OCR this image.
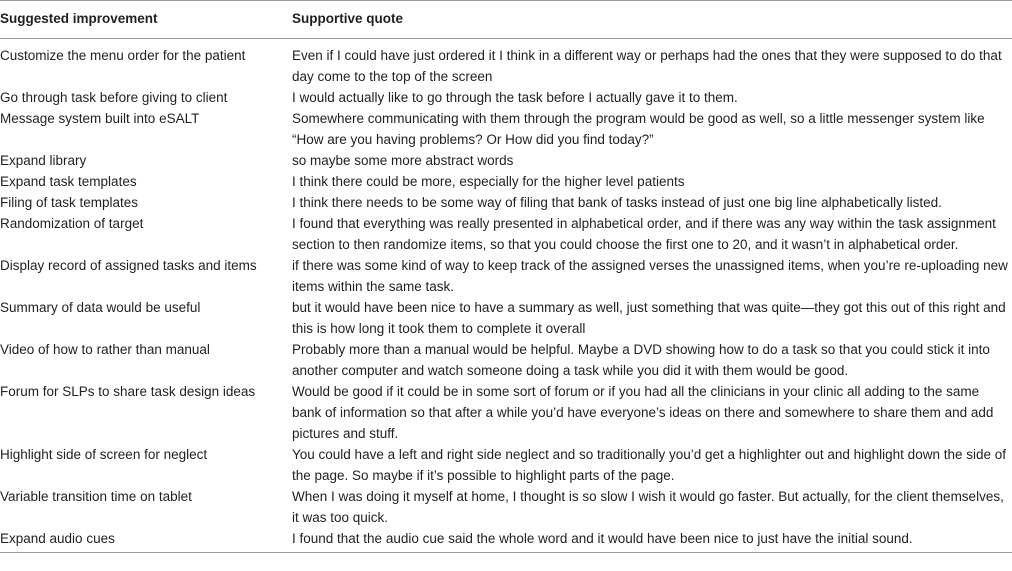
Suggested improvement	Supportive quote
Customize the menu order for the patient	Even if I could have just ordered it I think in a different way or perhaps had the ones that they were supposed to do that day come to the top of the screen
Go through task before giving to client	I would actually like to go through the task before I actually gave it to them.
Message system built into eSALT	Somewhere communicating with them through the program would be good as well, so a little messenger system like “How are you having problems? Or How did you find today?”
Expand library	so maybe some more abstract words
Expand task templates	I think there could be more, especially for the higher level patients
Filing of task templates	I think there needs to be some way of filing that bank of tasks instead of just one big line alphabetically listed.
Randomization of target	I found that everything was really presented in alphabetical order, and if there was any way within the task assignment section to then randomize items, so that you could choose the first one to 20, and it wasn’t in alphabetical order.
Display record of assigned tasks and items	if there was some kind of way to keep track of the assigned verses the unassigned items, when you’re re-uploading new items within the same task.
Summary of data would be useful	but it would have been nice to have a summary as well, just something that was quite—they got this out of this right and this is how long it took them to complete it overall
Video of how to rather than manual	Probably more than a manual would be helpful. Maybe a DVD showing how to do a task so that you could stick it into another computer and watch someone doing a task while you did it with them would be good.
Forum for SLPs to share task design ideas	Would be good if it could be in some sort of forum or if you had all the clinicians in your clinic all adding to the same bank of information so that after a while you’d have everyone’s ideas on there and somewhere to share them and add pictures and stuff.
Highlight side of screen for neglect	You could have a left and right side neglect and so traditionally you’d get a highlighter out and highlight down the side of the page. So maybe if it’s possible to highlight parts of the page.
Variable transition time on tablet	When I was doing it myself at home, I thought is so slow I wish it would go faster. But actually, for the client themselves, it was too quick.
Expand audio cues	I found that the audio cue said the whole word and it would have been nice to just have the initial sound.
